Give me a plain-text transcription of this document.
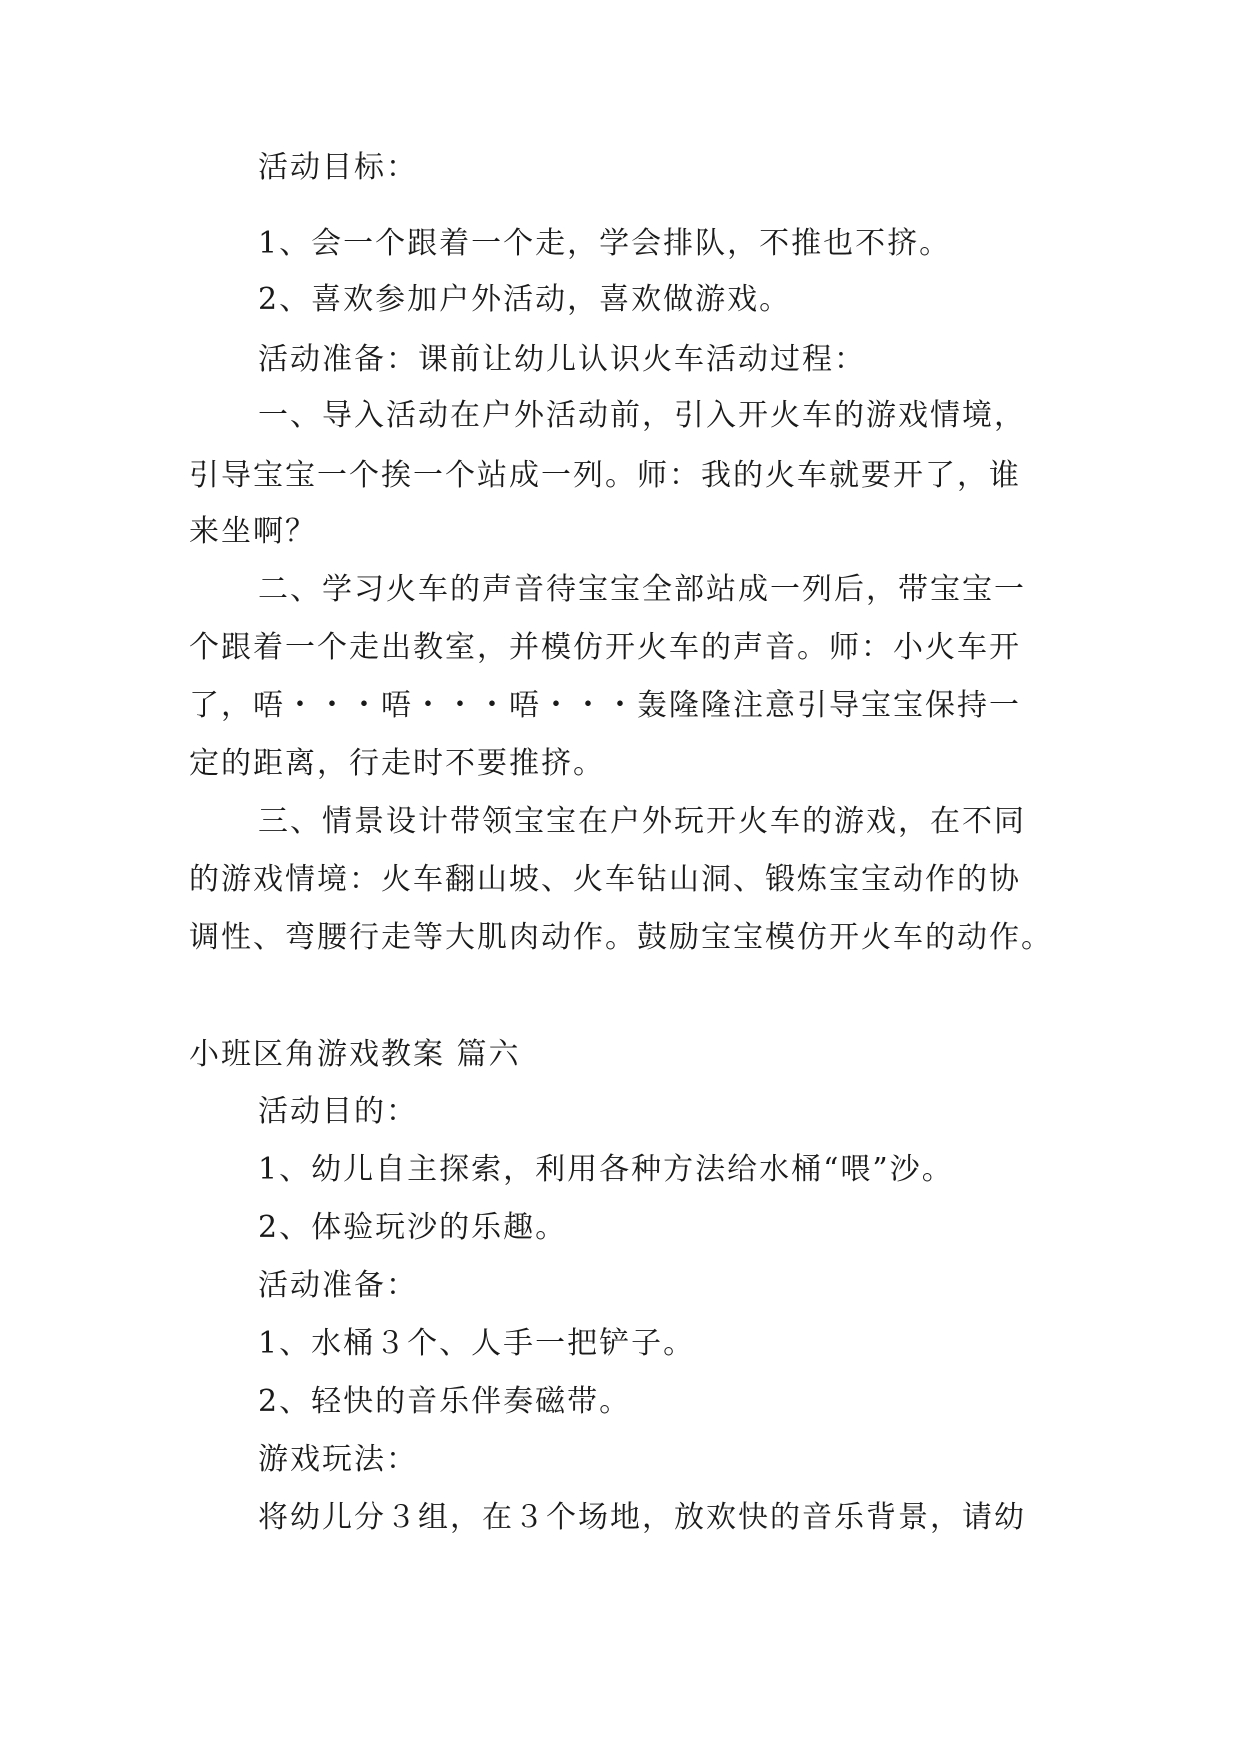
活动目标：
1、会一个跟着一个走，学会排队，不推也不挤。
2、喜欢参加户外活动，喜欢做游戏。
活动准备：课前让幼儿认识火车活动过程：
一、导入活动在户外活动前，引入开火车的游戏情境，
引导宝宝一个挨一个站成一列。师：我的火车就要开了，谁
来坐啊？
二、学习火车的声音待宝宝全部站成一列后，带宝宝一
个跟着一个走出教室，并模仿开火车的声音。师：小火车开
了，唔・・・唔・・・唔・・・轰隆隆注意引导宝宝保持一
定的距离，行走时不要推挤。
三、情景设计带领宝宝在户外玩开火车的游戏，在不同
的游戏情境：火车翻山坡、火车钻山洞、锻炼宝宝动作的协
调性、弯腰行走等大肌肉动作。鼓励宝宝模仿开火车的动作。
小班区角游戏教案 篇六
活动目的：
1、幼儿自主探索，利用各种方法给水桶“喂”沙。
2、体验玩沙的乐趣。
活动准备：
1、水桶３个、人手一把铲子。
2、轻快的音乐伴奏磁带。
游戏玩法：
将幼儿分３组，在３个场地，放欢快的音乐背景，请幼
